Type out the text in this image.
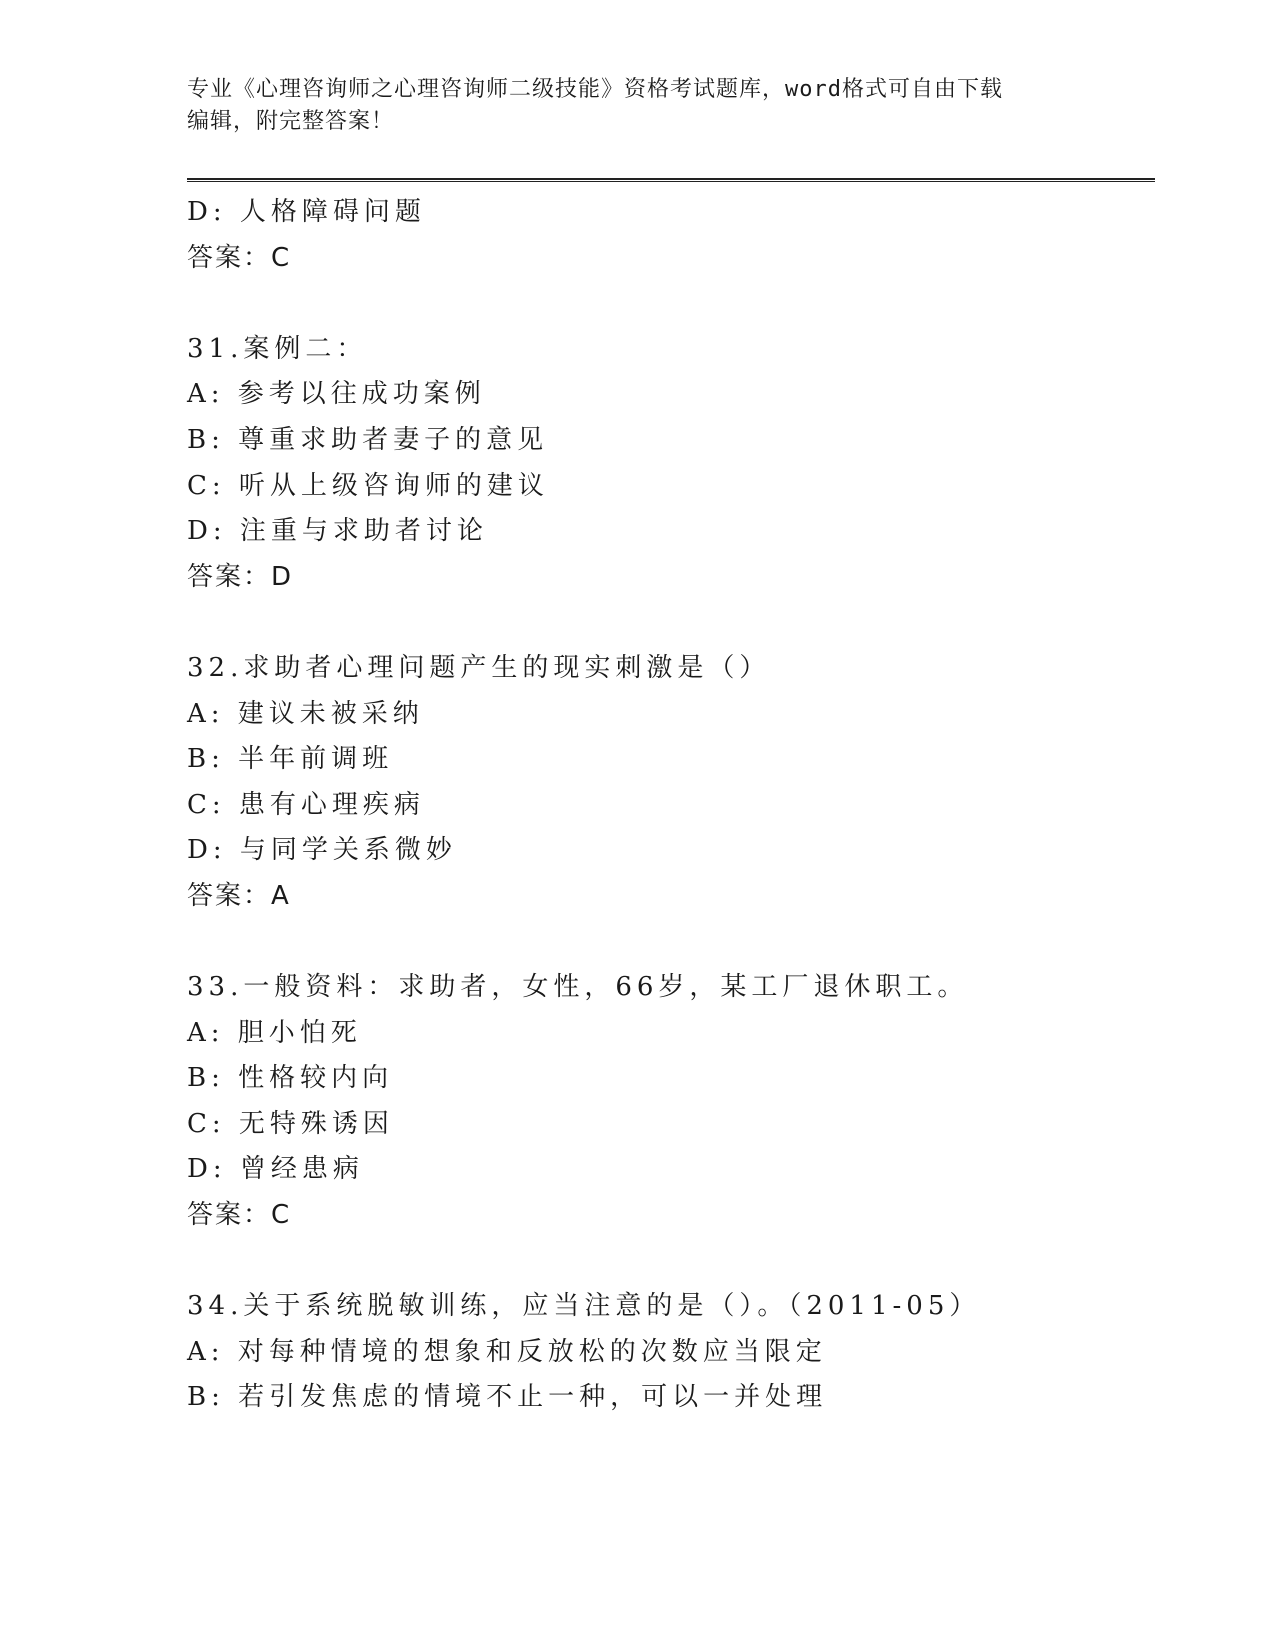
专业《心理咨询师之心理咨询师二级技能》资格考试题库，word格式可自由下载

编辑，附完整答案！

D: 人格障碍问题
答案：C
31.案例二：
A: 参考以往成功案例
B: 尊重求助者妻子的意见
C: 听从上级咨询师的建议
D: 注重与求助者讨论
答案：D
32.求助者心理问题产生的现实刺激是（）
A: 建议未被采纳
B: 半年前调班
C: 患有心理疾病
D: 与同学关系微妙
答案：A
33.一般资料：求助者，女性，66岁，某工厂退休职工。
A: 胆小怕死
B: 性格较内向
C: 无特殊诱因
D: 曾经患病
答案：C
34.关于系统脱敏训练，应当注意的是（）。（2011-05）
A: 对每种情境的想象和反放松的次数应当限定
B: 若引发焦虑的情境不止一种，可以一并处理
